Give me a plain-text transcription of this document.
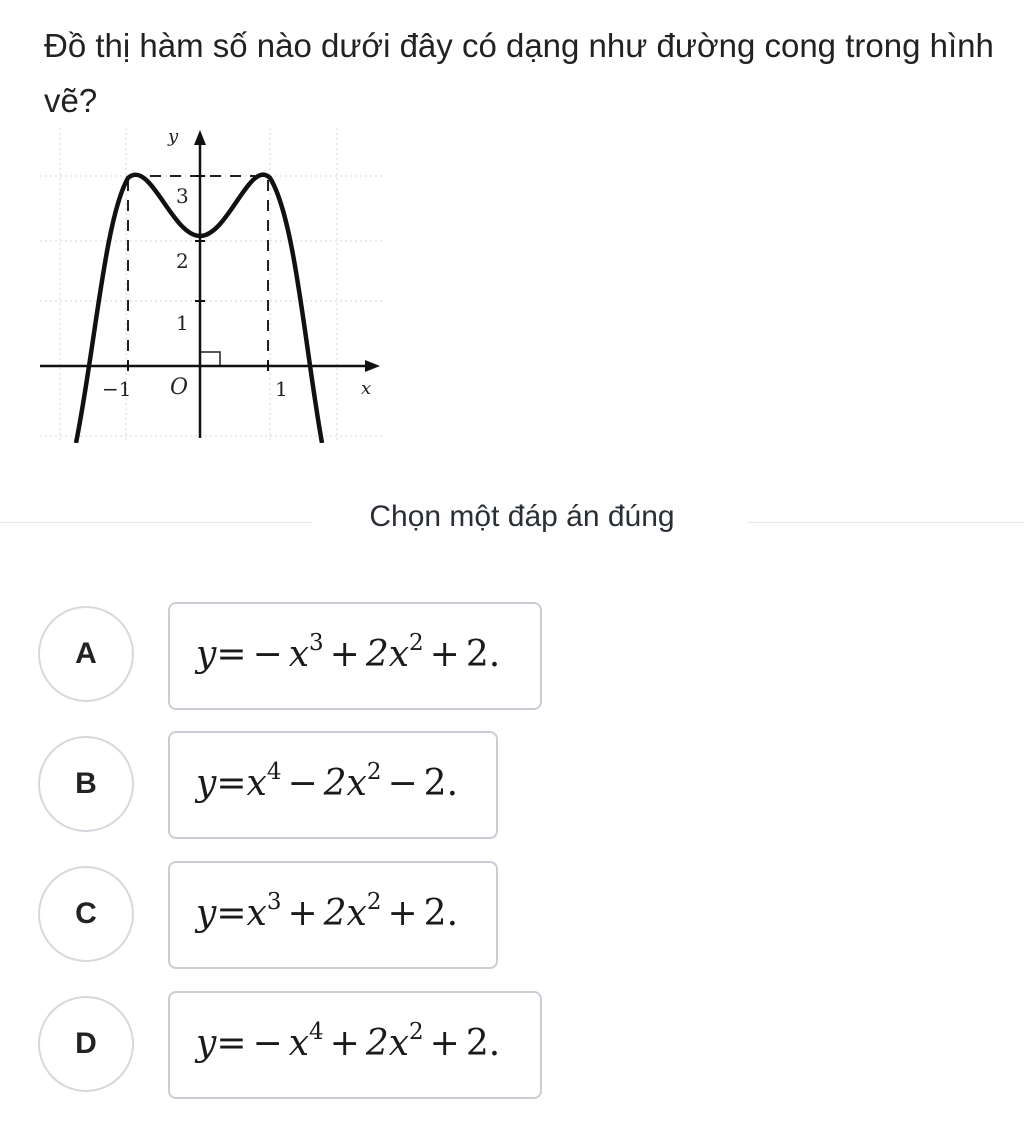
Đồ thị hàm số nào dưới đây có dạng như đường cong trong hình vẽ?
y
x
O
−1	1
1
2
3
Chọn một đáp án đúng
A	$y= - x^3 + 2x^2 + 2$.
B	$y=x^4 - 2x^2 - 2$.
C	$y=x^3 + 2x^2 + 2$.
D	$y= - x^4 + 2x^2 + 2$.
